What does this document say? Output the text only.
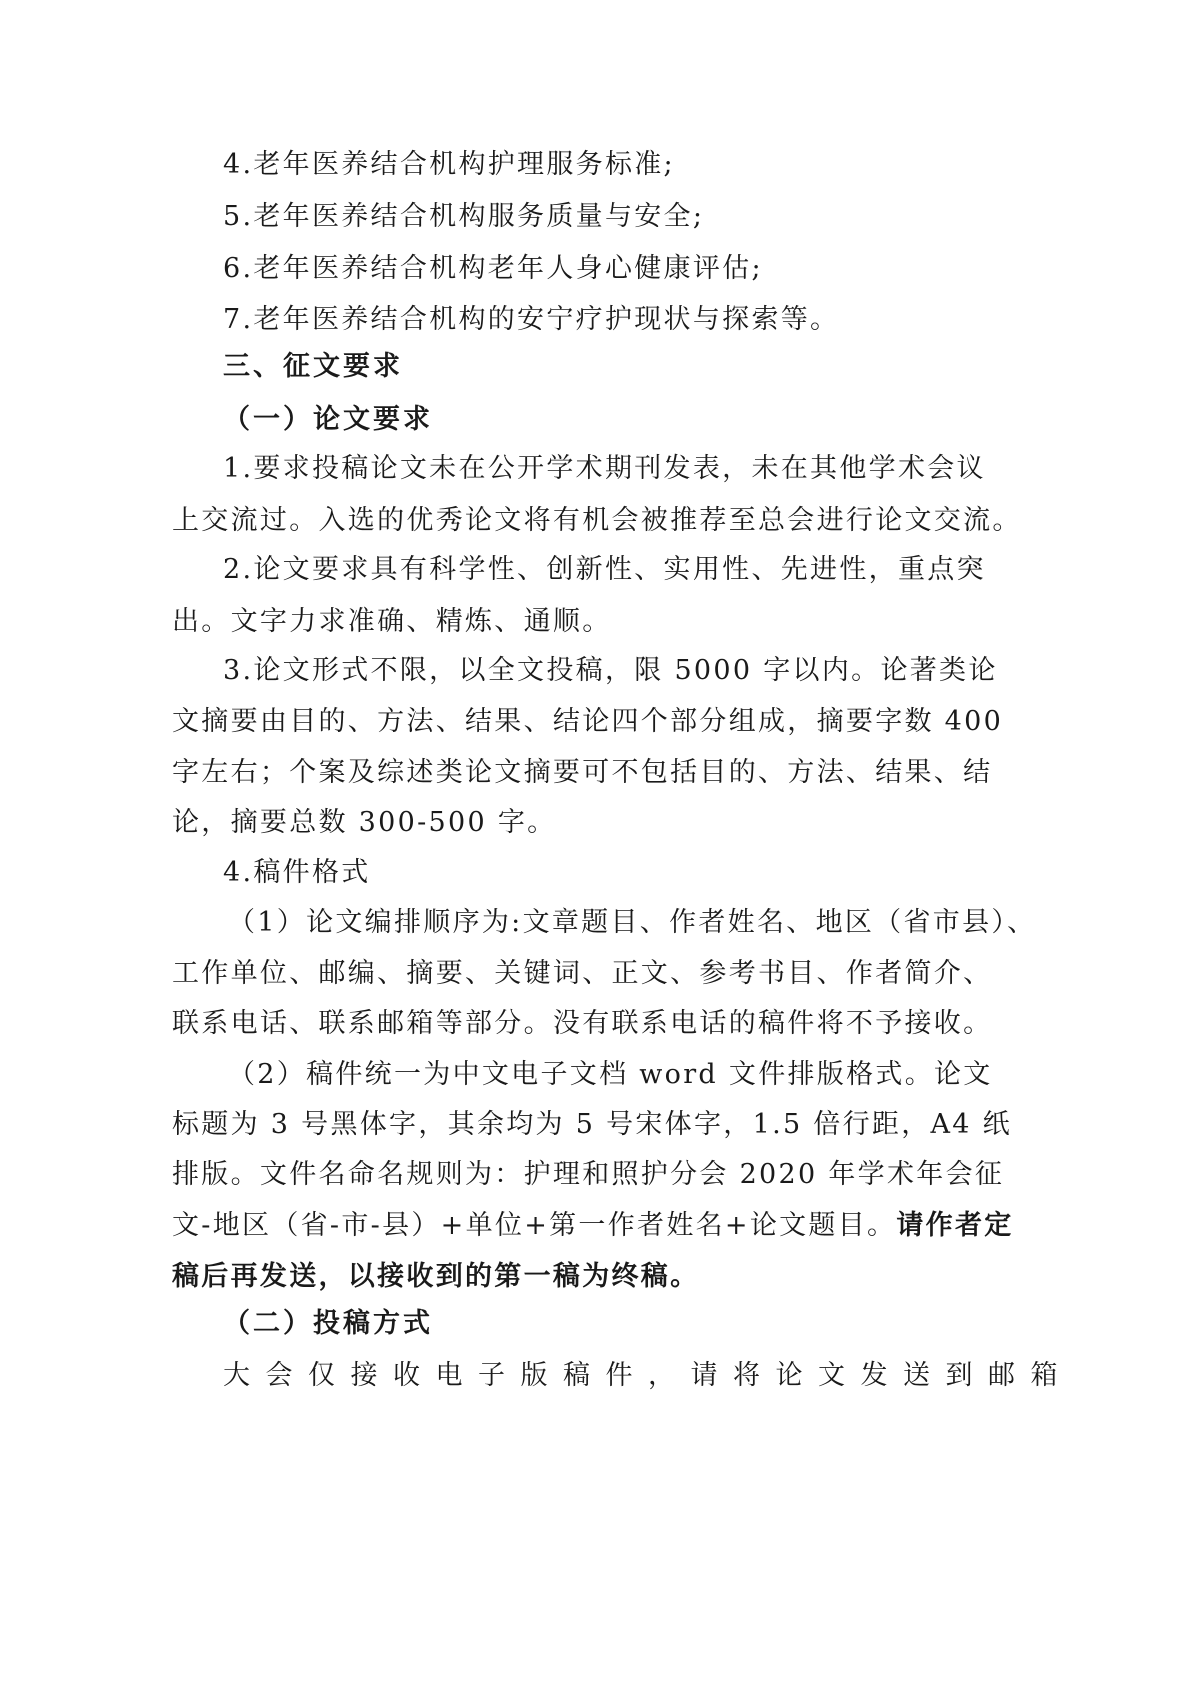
4.老年医养结合机构护理服务标准;
5.老年医养结合机构服务质量与安全;
6.老年医养结合机构老年人身心健康评估;
7.老年医养结合机构的安宁疗护现状与探索等。
三、征文要求
（一）论文要求
1.要求投稿论文未在公开学术期刊发表，未在其他学术会议
上交流过。入选的优秀论文将有机会被推荐至总会进行论文交流。
2.论文要求具有科学性、创新性、实用性、先进性，重点突
出。文字力求准确、精炼、通顺。
3.论文形式不限，以全文投稿，限 5000 字以内。论著类论
文摘要由目的、方法、结果、结论四个部分组成，摘要字数 400
字左右；个案及综述类论文摘要可不包括目的、方法、结果、结
论，摘要总数 300-500 字。
4.稿件格式
（1）论文编排顺序为:文章题目、作者姓名、地区（省市县）、
工作单位、邮编、摘要、关键词、正文、参考书目、作者简介、
联系电话、联系邮箱等部分。没有联系电话的稿件将不予接收。
（2）稿件统一为中文电子文档 word 文件排版格式。论文
标题为 3 号黑体字，其余均为 5 号宋体字，1.5 倍行距，A4 纸
排版。文件名命名规则为：护理和照护分会 2020 年学术年会征
文-地区（省-市-县）+单位+第一作者姓名+论文题目。请作者定
稿后再发送，以接收到的第一稿为终稿。
（二）投稿方式
大会仅接收电子版稿件，请将论文发送到邮箱
